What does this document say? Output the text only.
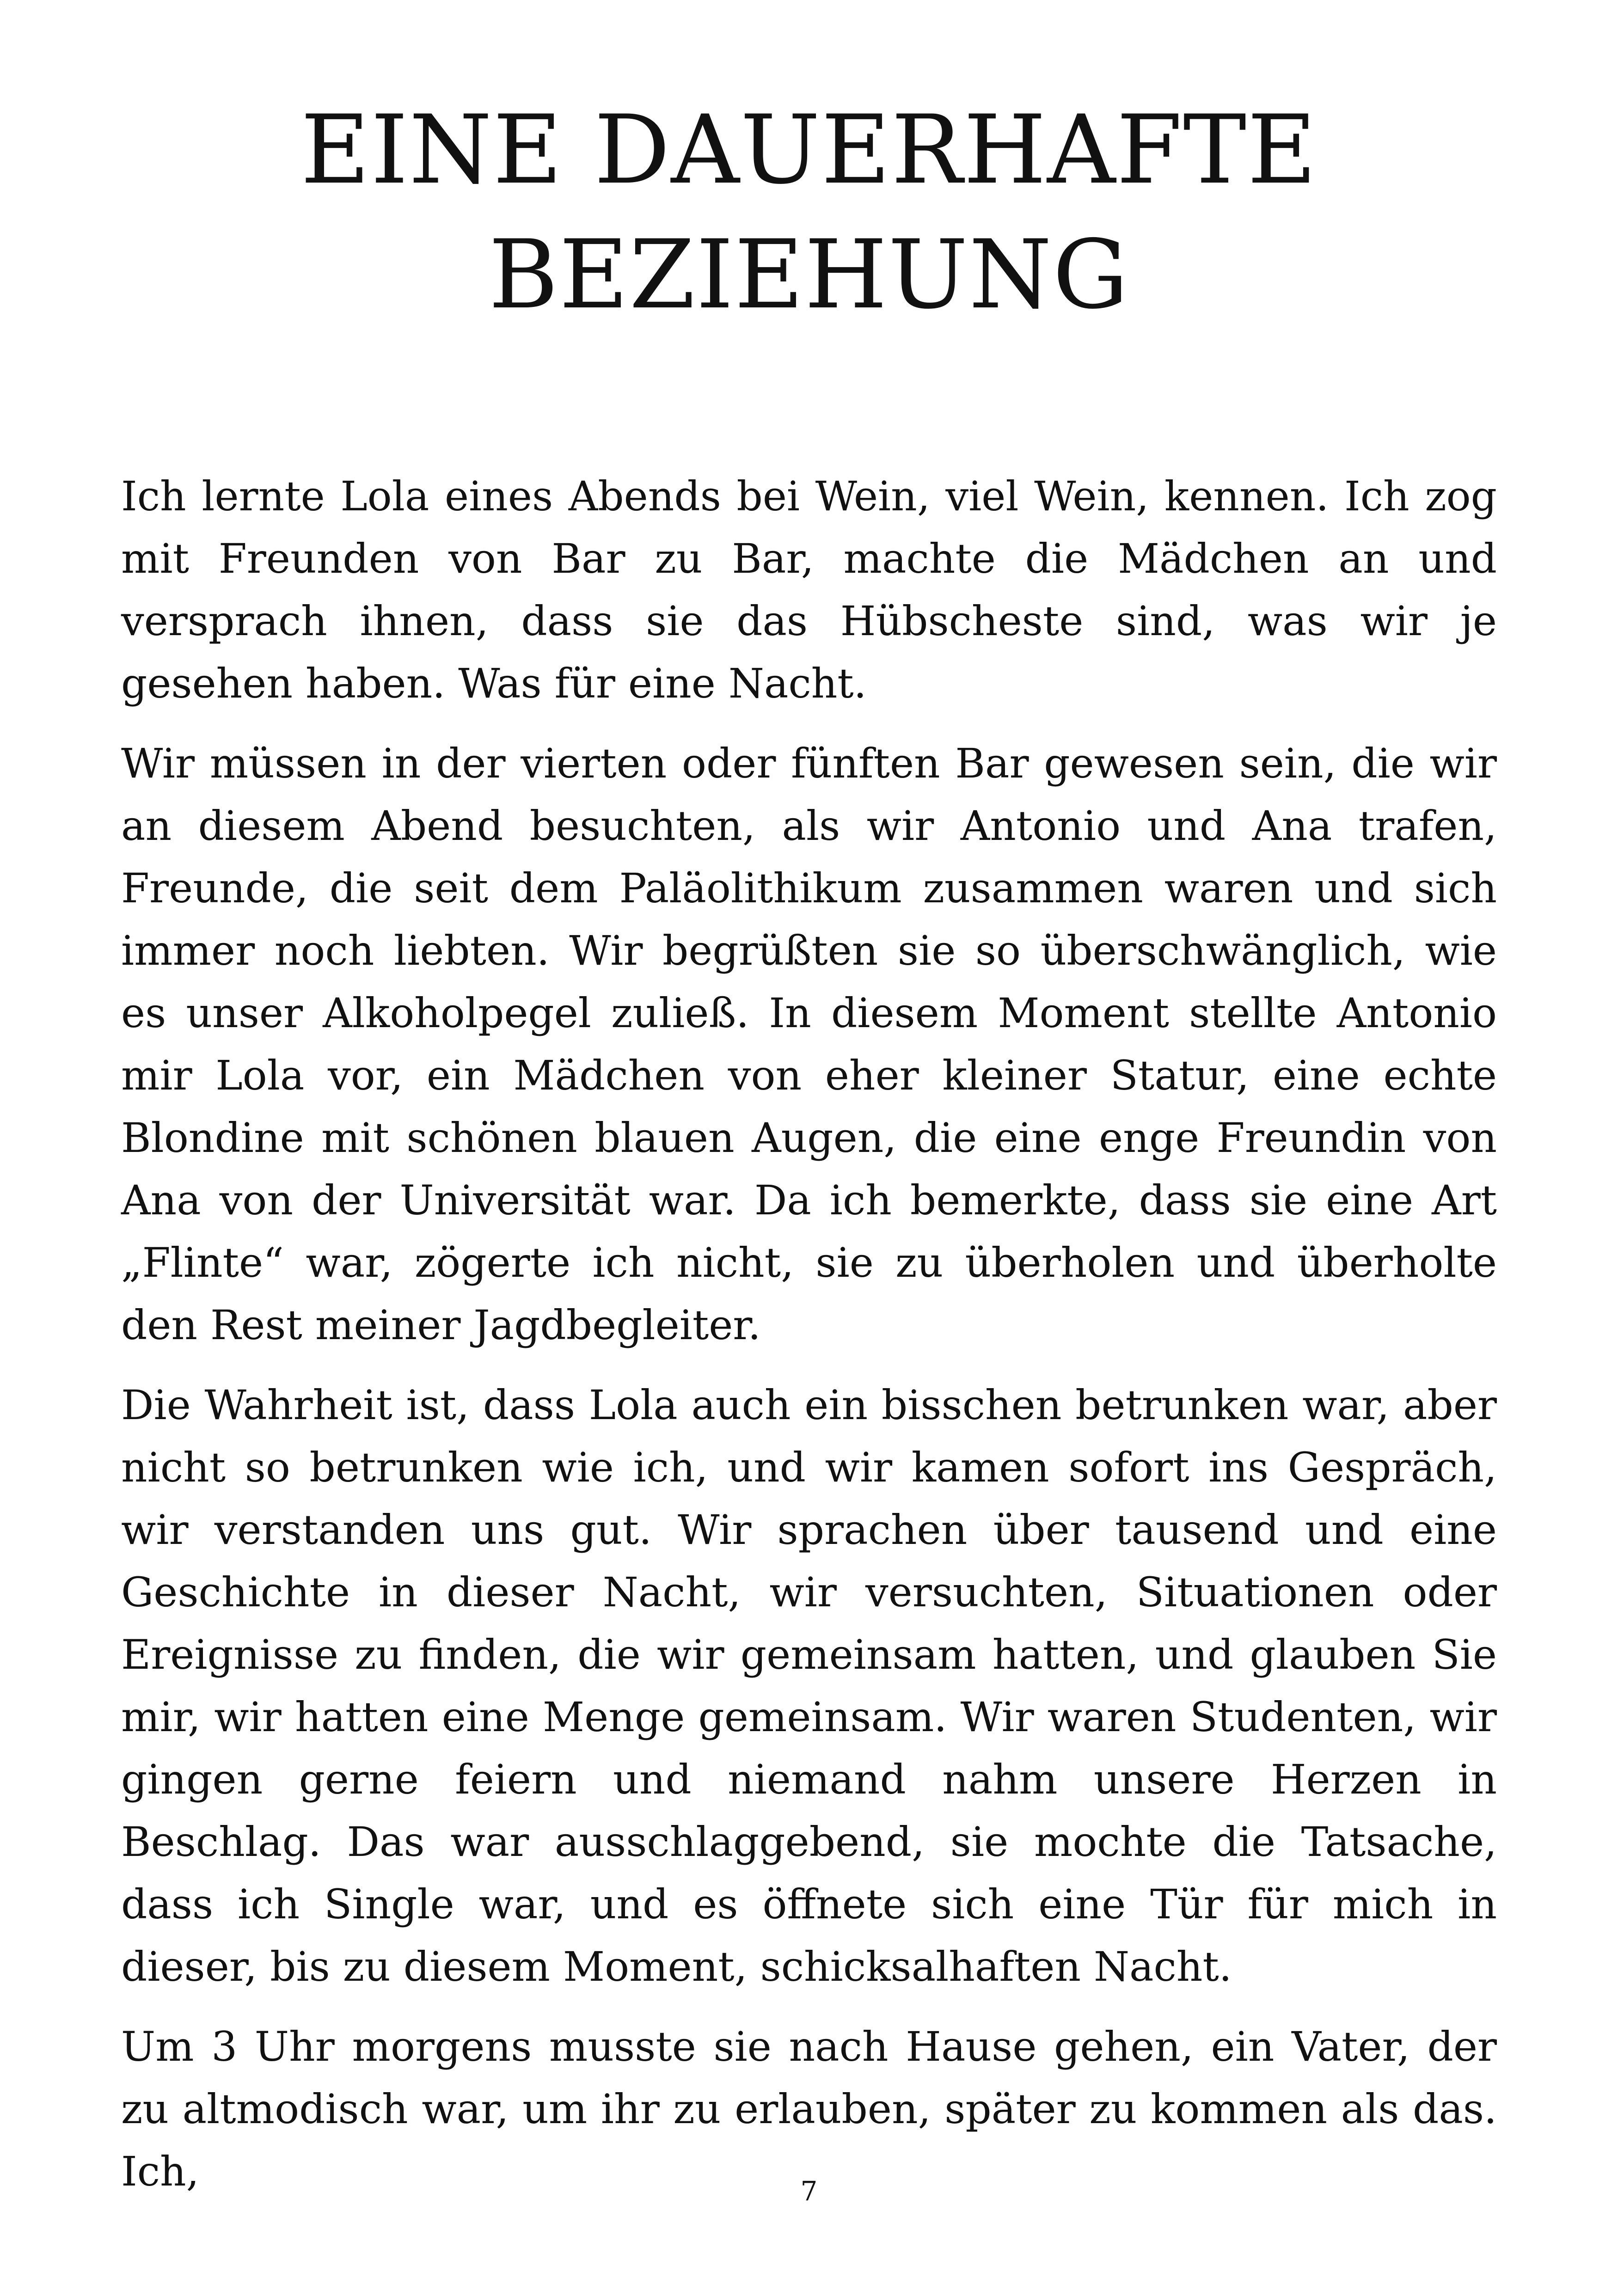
EINE DAUERHAFTE
BEZIEHUNG

Ich lernte Lola eines Abends bei Wein, viel Wein, kennen. Ich zog mit Freunden von Bar zu Bar, machte die Mädchen an und versprach ihnen, dass sie das Hübscheste sind, was wir je gesehen haben. Was für eine Nacht.

Wir müssen in der vierten oder fünften Bar gewesen sein, die wir an diesem Abend besuchten, als wir Antonio und Ana trafen, Freunde, die seit dem Paläolithikum zusammen waren und sich immer noch liebten. Wir begrüßten sie so überschwänglich, wie es unser Alkoholpegel zuließ. In diesem Moment stellte Antonio mir Lola vor, ein Mädchen von eher kleiner Statur, eine echte Blondine mit schönen blauen Augen, die eine enge Freundin von Ana von der Universität war. Da ich bemerkte, dass sie eine Art „Flinte“ war, zögerte ich nicht, sie zu überholen und überholte den Rest meiner Jagdbegleiter.

Die Wahrheit ist, dass Lola auch ein bisschen betrunken war, aber nicht so betrunken wie ich, und wir kamen sofort ins Gespräch, wir verstanden uns gut. Wir sprachen über tausend und eine Geschichte in dieser Nacht, wir versuchten, Situationen oder Ereignisse zu finden, die wir gemeinsam hatten, und glauben Sie mir, wir hatten eine Menge gemeinsam. Wir waren Studenten, wir gingen gerne feiern und niemand nahm unsere Herzen in Beschlag. Das war ausschlaggebend, sie mochte die Tatsache, dass ich Single war, und es öffnete sich eine Tür für mich in dieser, bis zu diesem Moment, schicksalhaften Nacht.

Um 3 Uhr morgens musste sie nach Hause gehen, ein Vater, der zu altmodisch war, um ihr zu erlauben, später zu kommen als das. Ich,	7
